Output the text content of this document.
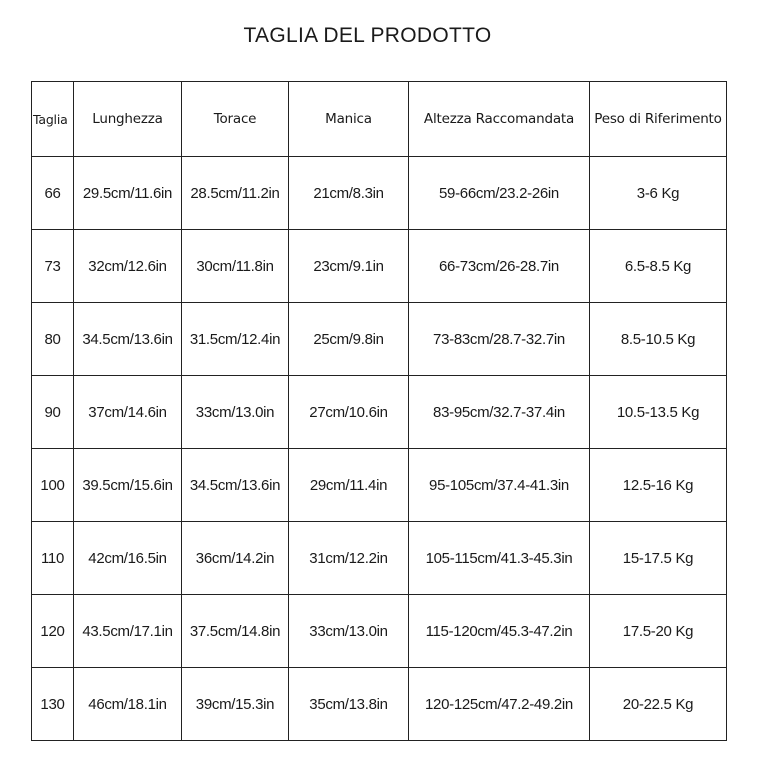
TAGLIA DEL PRODOTTO
Taglia	Lunghezza	Torace	Manica	Altezza Raccomandata	Peso di Riferimento
66	29.5cm/11.6in	28.5cm/11.2in	21cm/8.3in	59-66cm/23.2-26in	3-6 Kg
73	32cm/12.6in	30cm/11.8in	23cm/9.1in	66-73cm/26-28.7in	6.5-8.5 Kg
80	34.5cm/13.6in	31.5cm/12.4in	25cm/9.8in	73-83cm/28.7-32.7in	8.5-10.5 Kg
90	37cm/14.6in	33cm/13.0in	27cm/10.6in	83-95cm/32.7-37.4in	10.5-13.5 Kg
100	39.5cm/15.6in	34.5cm/13.6in	29cm/11.4in	95-105cm/37.4-41.3in	12.5-16 Kg
110	42cm/16.5in	36cm/14.2in	31cm/12.2in	105-115cm/41.3-45.3in	15-17.5 Kg
120	43.5cm/17.1in	37.5cm/14.8in	33cm/13.0in	115-120cm/45.3-47.2in	17.5-20 Kg
130	46cm/18.1in	39cm/15.3in	35cm/13.8in	120-125cm/47.2-49.2in	20-22.5 Kg
